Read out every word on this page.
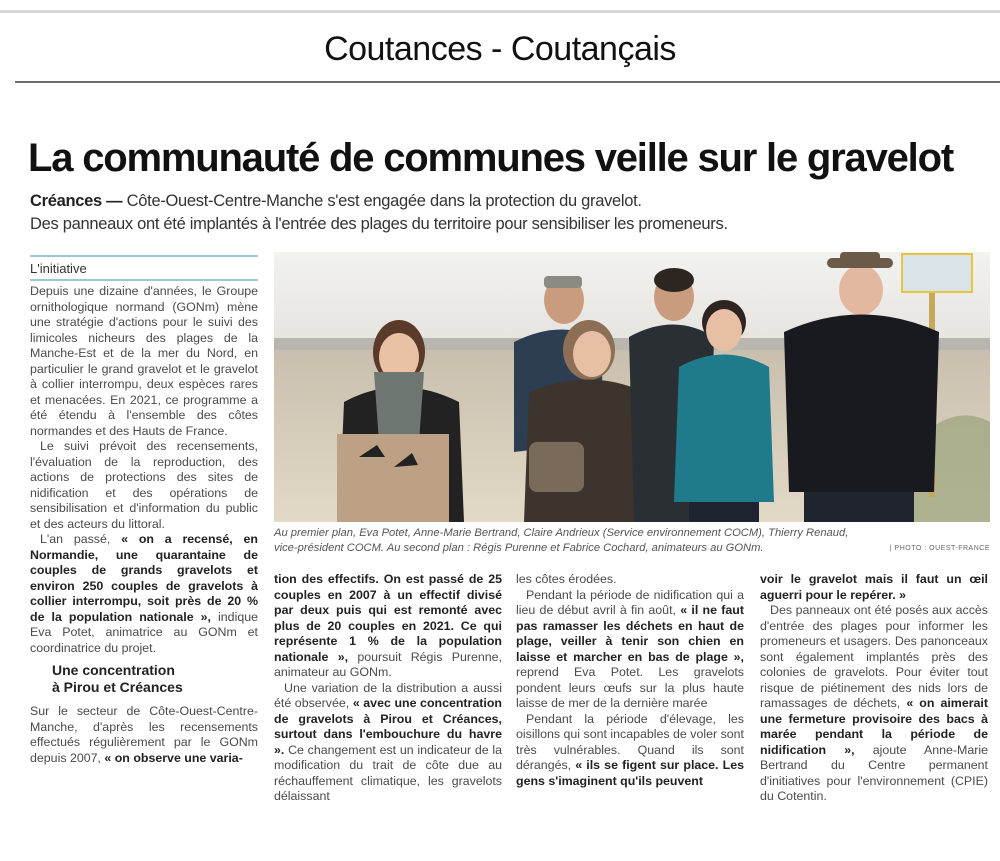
Coutances - Coutançais
La communauté de communes veille sur le gravelot
Créances — Côte-Ouest-Centre-Manche s'est engagée dans la protection du gravelot.
Des panneaux ont été implantés à l'entrée des plages du territoire pour sensibiliser les promeneurs.
L'initiative

Depuis une dizaine d'années, le Groupe ornithologique normand (GONm) mène une stratégie d'actions pour le suivi des limicoles nicheurs des plages de la Manche-Est et de la mer du Nord, en particulier le grand gravelot et le gravelot à collier interrompu, deux espèces rares et menacées. En 2021, ce programme a été étendu à l'ensemble des côtes normandes et des Hauts de France.

Le suivi prévoit des recensements, l'évaluation de la reproduction, des actions de protections des sites de nidification et des opérations de sensibilisation et d'information du public et des acteurs du littoral.

L'an passé, « on a recensé, en Normandie, une quarantaine de couples de grands gravelots et environ 250 couples de gravelots à collier interrompu, soit près de 20 % de la population nationale », indique Eva Potet, animatrice au GONm et coordinatrice du projet.

Une concentration
à Pirou et Créances

Sur le secteur de Côte-Ouest-Centre-Manche, d'après les recensements effectués régulièrement par le GONm depuis 2007, « on observe une varia-

Au premier plan, Eva Potet, Anne-Marie Bertrand, Claire Andrieux (Service environnement COCM), Thierry Renaud,
vice-président COCM. Au second plan : Régis Purenne et Fabrice Cochard, animateurs au GONm.	| PHOTO : OUEST-FRANCE

tion des effectifs. On est passé de 25 couples en 2007 à un effectif divisé par deux puis qui est remonté avec plus de 20 couples en 2021. Ce qui représente 1 % de la population nationale », poursuit Régis Purenne, animateur au GONm.

Une variation de la distribution a aussi été observée, « avec une concentration de gravelots à Pirou et Créances, surtout dans l'embouchure du havre ». Ce changement est un indicateur de la modification du trait de côte due au réchauffement climatique, les gravelots délaissant

les côtes érodées.

Pendant la période de nidification qui a lieu de début avril à fin août, « il ne faut pas ramasser les déchets en haut de plage, veiller à tenir son chien en laisse et marcher en bas de plage », reprend Eva Potet. Les gravelots pondent leurs œufs sur la plus haute laisse de mer de la dernière marée

Pendant la période d'élevage, les oisillons qui sont incapables de voler sont très vulnérables. Quand ils sont dérangés, « ils se figent sur place. Les gens s'imaginent qu'ils peuvent

voir le gravelot mais il faut un œil aguerri pour le repérer. »

Des panneaux ont été posés aux accès d'entrée des plages pour informer les promeneurs et usagers. Des panonceaux sont également implantés près des colonies de gravelots. Pour éviter tout risque de piétinement des nids lors de ramassages de déchets, « on aimerait une fermeture provisoire des bacs à marée pendant la période de nidification », ajoute Anne-Marie Bertrand du Centre permanent d'initiatives pour l'environnement (CPIE) du Cotentin.
